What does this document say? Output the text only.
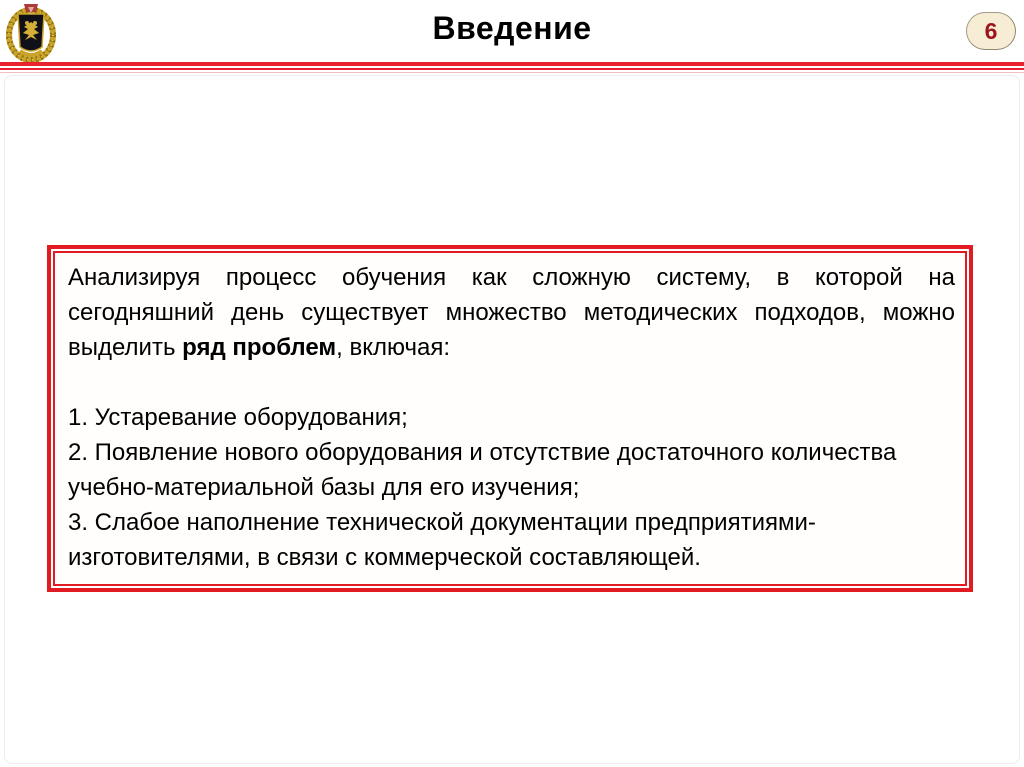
Введение	6

Анализируя процесс обучения как сложную систему, в которой на сегодняшний день существует множество методических подходов, можно выделить ряд проблем, включая:

1. Устаревание оборудования;
2. Появление нового оборудования и отсутствие достаточного количества учебно-материальной базы для его изучения;
3. Слабое наполнение технической документации предприятиями-изготовителями, в связи с коммерческой составляющей.
